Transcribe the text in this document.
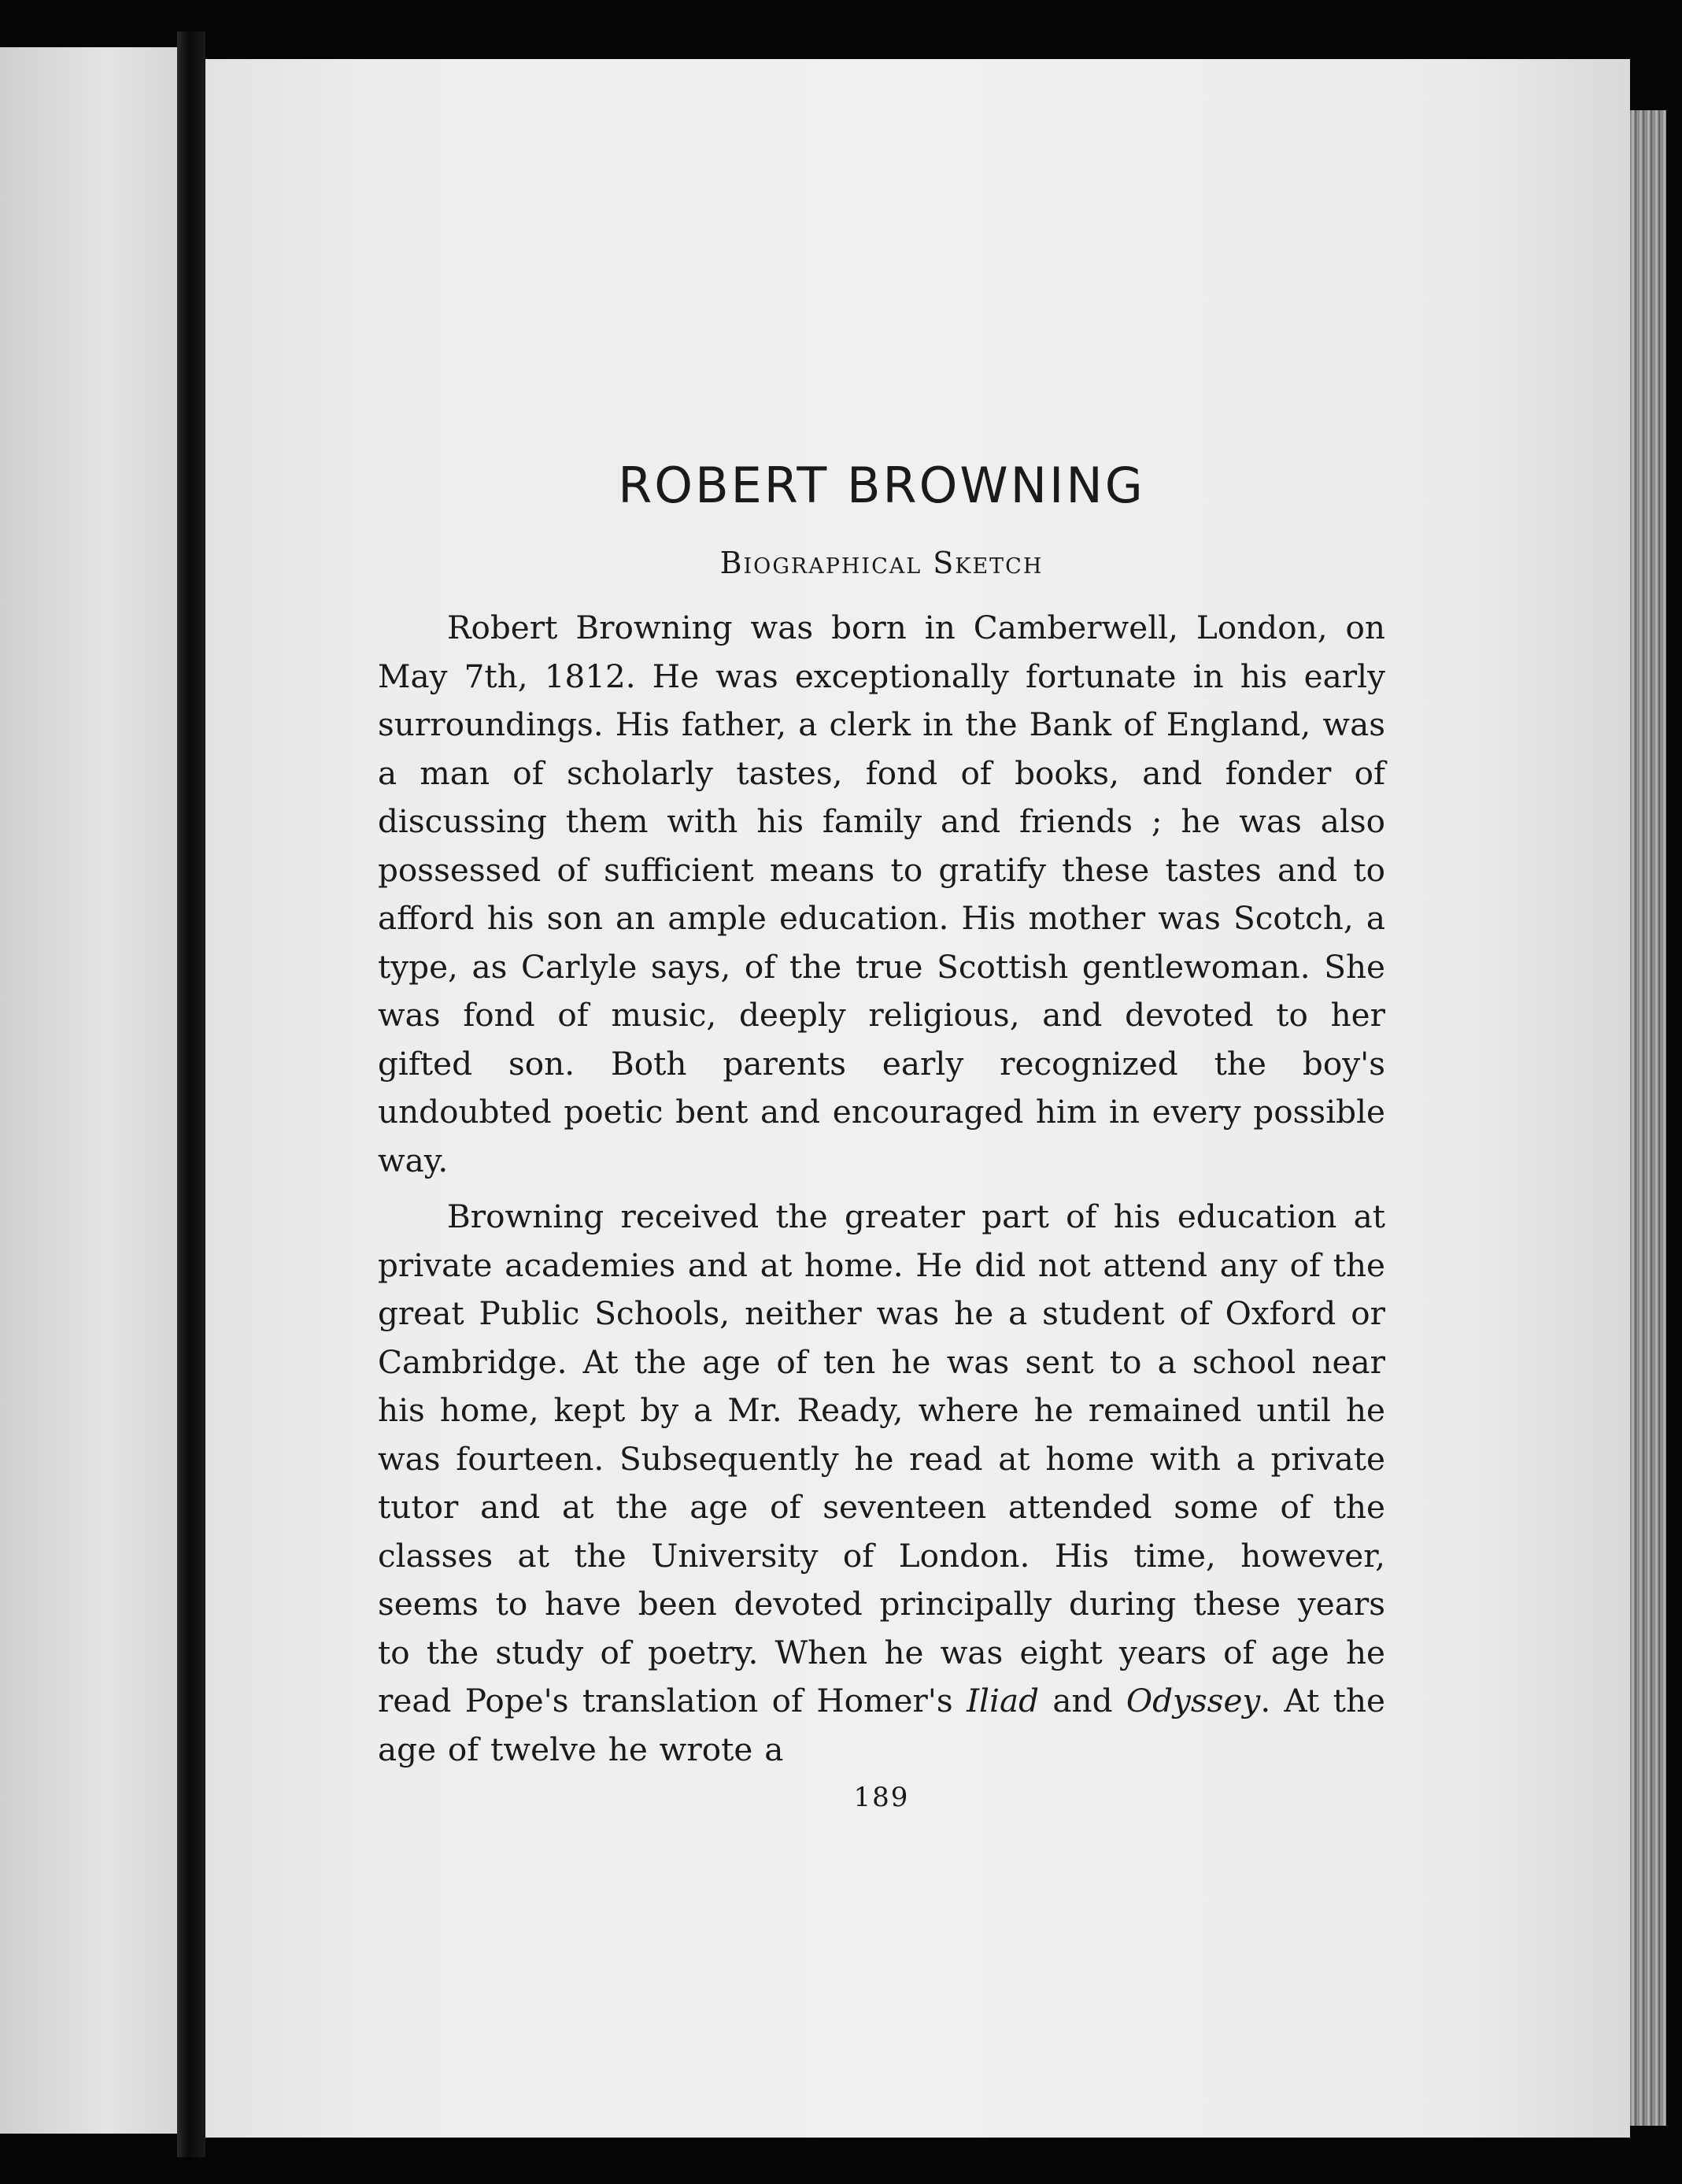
ROBERT BROWNING
Biographical Sketch

Robert Browning was born in Camberwell, London, on May 7th, 1812. He was exceptionally fortunate in his early surroundings. His father, a clerk in the Bank of England, was a man of scholarly tastes, fond of books, and fonder of discussing them with his family and friends ; he was also possessed of sufficient means to gratify these tastes and to afford his son an ample education. His mother was Scotch, a type, as Carlyle says, of the true Scottish gentlewoman. She was fond of music, deeply religious, and devoted to her gifted son. Both parents early recognized the boy's undoubted poetic bent and encouraged him in every possible way.

Browning received the greater part of his education at private academies and at home. He did not attend any of the great Public Schools, neither was he a student of Oxford or Cambridge. At the age of ten he was sent to a school near his home, kept by a Mr. Ready, where he remained until he was fourteen. Subsequently he read at home with a private tutor and at the age of seventeen attended some of the classes at the University of London. His time, however, seems to have been devoted principally during these years to the study of poetry. When he was eight years of age he read Pope's translation of Homer's Iliad and Odyssey. At the age of twelve he wrote a

189
